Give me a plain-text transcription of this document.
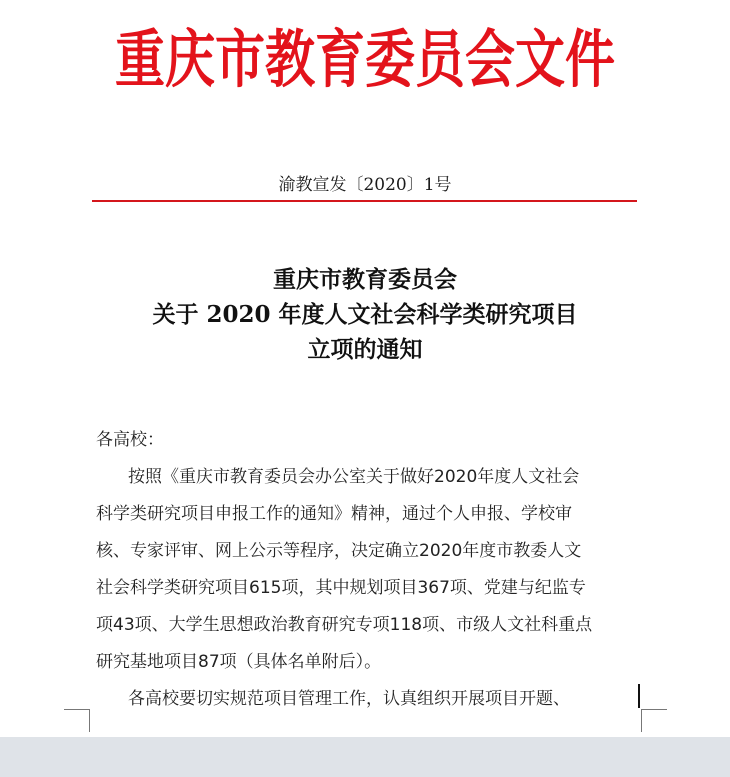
重庆市教育委员会文件
渝教宣发〔2020〕1号
重庆市教育委员会
关于 2020 年度人文社会科学类研究项目
立项的通知
各高校：
按照《重庆市教育委员会办公室关于做好2020年度人文社会
科学类研究项目申报工作的通知》精神，通过个人申报、学校审
核、专家评审、网上公示等程序，决定确立2020年度市教委人文
社会科学类研究项目615项，其中规划项目367项、党建与纪监专
项43项、大学生思想政治教育研究专项118项、市级人文社科重点
研究基地项目87项（具体名单附后）。
各高校要切实规范项目管理工作，认真组织开展项目开题、
